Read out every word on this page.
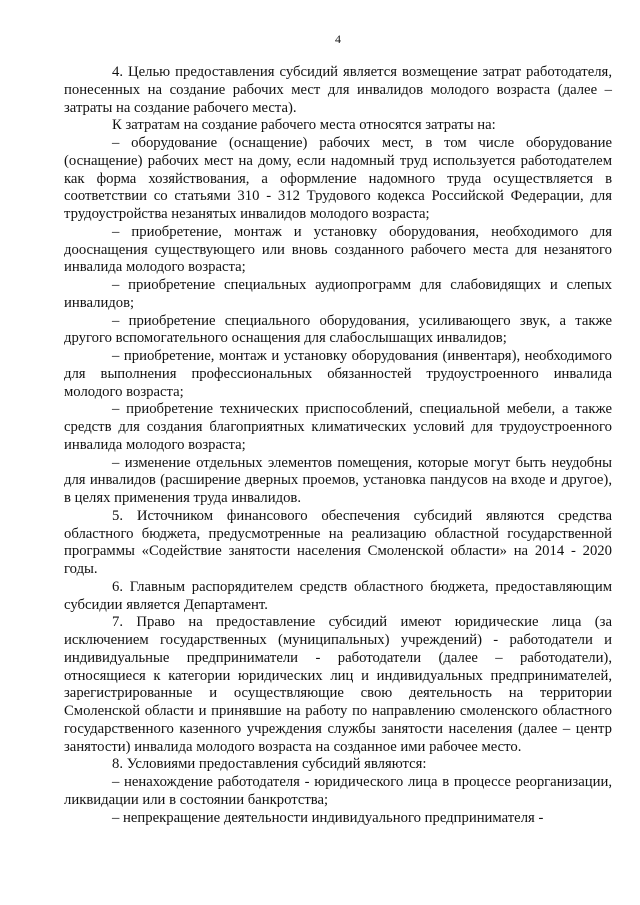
4

4. Целью предоставления субсидий является возмещение затрат работодателя, понесенных на создание рабочих мест для инвалидов молодого возраста (далее – затраты на создание рабочего места).

К затратам на создание рабочего места относятся затраты на:

– оборудование (оснащение) рабочих мест, в том числе оборудование (оснащение) рабочих мест на дому, если надомный труд используется работодателем как форма хозяйствования, а оформление надомного труда осуществляется в соответствии со статьями 310 - 312 Трудового кодекса Российской Федерации, для трудоустройства незанятых инвалидов молодого возраста;

– приобретение, монтаж и установку оборудования, необходимого для дооснащения существующего или вновь созданного рабочего места для незанятого инвалида молодого возраста;

– приобретение специальных аудиопрограмм для слабовидящих и слепых инвалидов;

– приобретение специального оборудования, усиливающего звук, а также другого вспомогательного оснащения для слабослышащих инвалидов;

– приобретение, монтаж и установку оборудования (инвентаря), необходимого для выполнения профессиональных обязанностей трудоустроенного инвалида молодого возраста;

– приобретение технических приспособлений, специальной мебели, а также средств для создания благоприятных климатических условий для трудоустроенного инвалида молодого возраста;

– изменение отдельных элементов помещения, которые могут быть неудобны для инвалидов (расширение дверных проемов, установка пандусов на входе и другое), в целях применения труда инвалидов.

5. Источником финансового обеспечения субсидий являются средства областного бюджета, предусмотренные на реализацию областной государственной программы «Содействие занятости населения Смоленской области» на 2014 - 2020 годы.

6. Главным распорядителем средств областного бюджета, предоставляющим субсидии является Департамент.

7. Право на предоставление субсидий имеют юридические лица (за исключением государственных (муниципальных) учреждений) - работодатели и индивидуальные предприниматели - работодатели (далее – работодатели), относящиеся к категории юридических лиц и индивидуальных предпринимателей, зарегистрированные и осуществляющие свою деятельность на территории Смоленской области и принявшие на работу по направлению смоленского областного государственного казенного учреждения службы занятости населения (далее – центр занятости) инвалида молодого возраста на созданное ими рабочее место.

8. Условиями предоставления субсидий являются:

– ненахождение работодателя - юридического лица в процессе реорганизации, ликвидации или в состоянии банкротства;

– непрекращение деятельности индивидуального предпринимателя -
